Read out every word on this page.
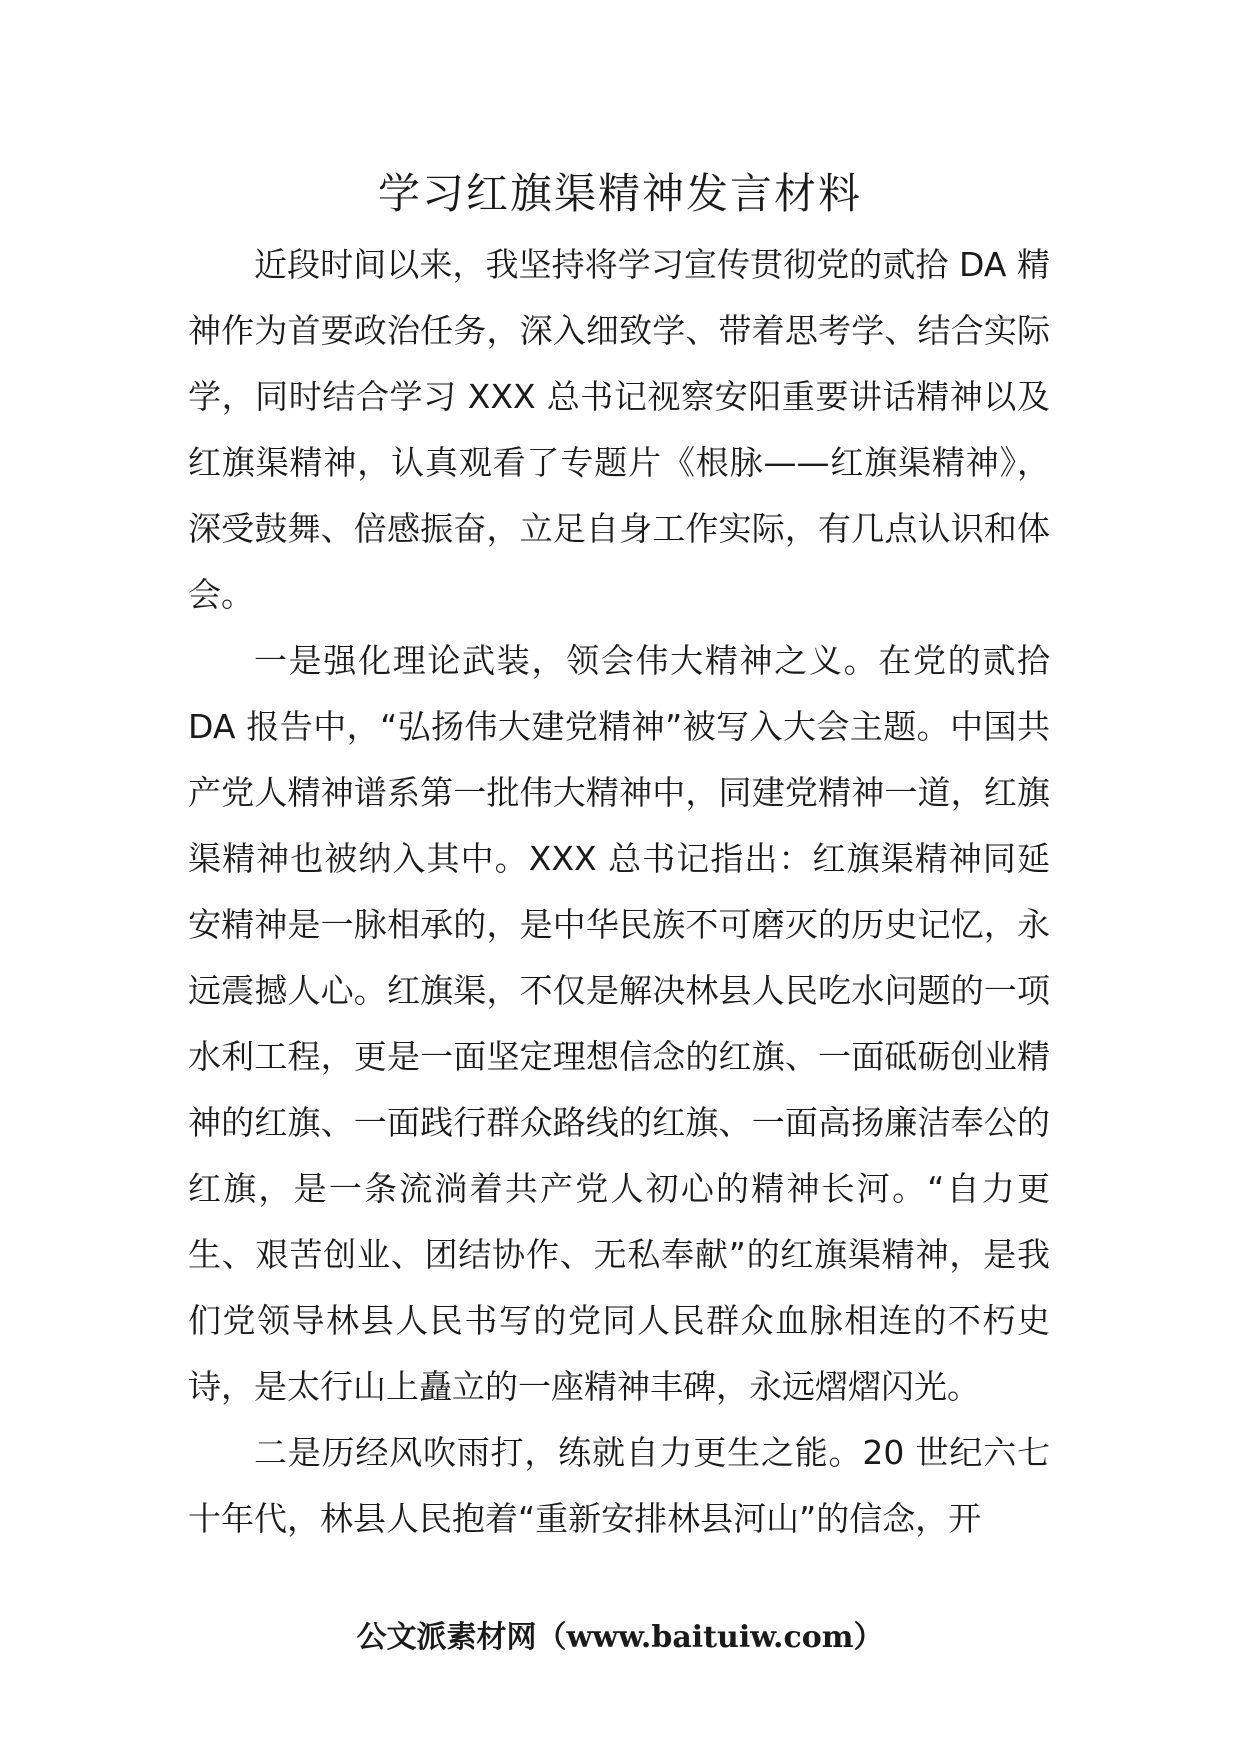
学习红旗渠精神发言材料

近段时间以来，我坚持将学习宣传贯彻党的贰拾 DA 精神作为首要政治任务，深入细致学、带着思考学、结合实际学，同时结合学习 XXX 总书记视察安阳重要讲话精神以及红旗渠精神，认真观看了专题片《根脉——红旗渠精神》，深受鼓舞、倍感振奋，立足自身工作实际，有几点认识和体会。

一是强化理论武装，领会伟大精神之义。在党的贰拾 DA 报告中，“弘扬伟大建党精神”被写入大会主题。中国共产党人精神谱系第一批伟大精神中，同建党精神一道，红旗渠精神也被纳入其中。XXX 总书记指出：红旗渠精神同延安精神是一脉相承的，是中华民族不可磨灭的历史记忆，永远震撼人心。红旗渠，不仅是解决林县人民吃水问题的一项水利工程，更是一面坚定理想信念的红旗、一面砥砺创业精神的红旗、一面践行群众路线的红旗、一面高扬廉洁奉公的红旗，是一条流淌着共产党人初心的精神长河。“自力更生、艰苦创业、团结协作、无私奉献”的红旗渠精神，是我们党领导林县人民书写的党同人民群众血脉相连的不朽史诗，是太行山上矗立的一座精神丰碑，永远熠熠闪光。

二是历经风吹雨打，练就自力更生之能。20 世纪六七十年代，林县人民抱着“重新安排林县河山”的信念，开

公文派素材网（www.baituiw.com）
